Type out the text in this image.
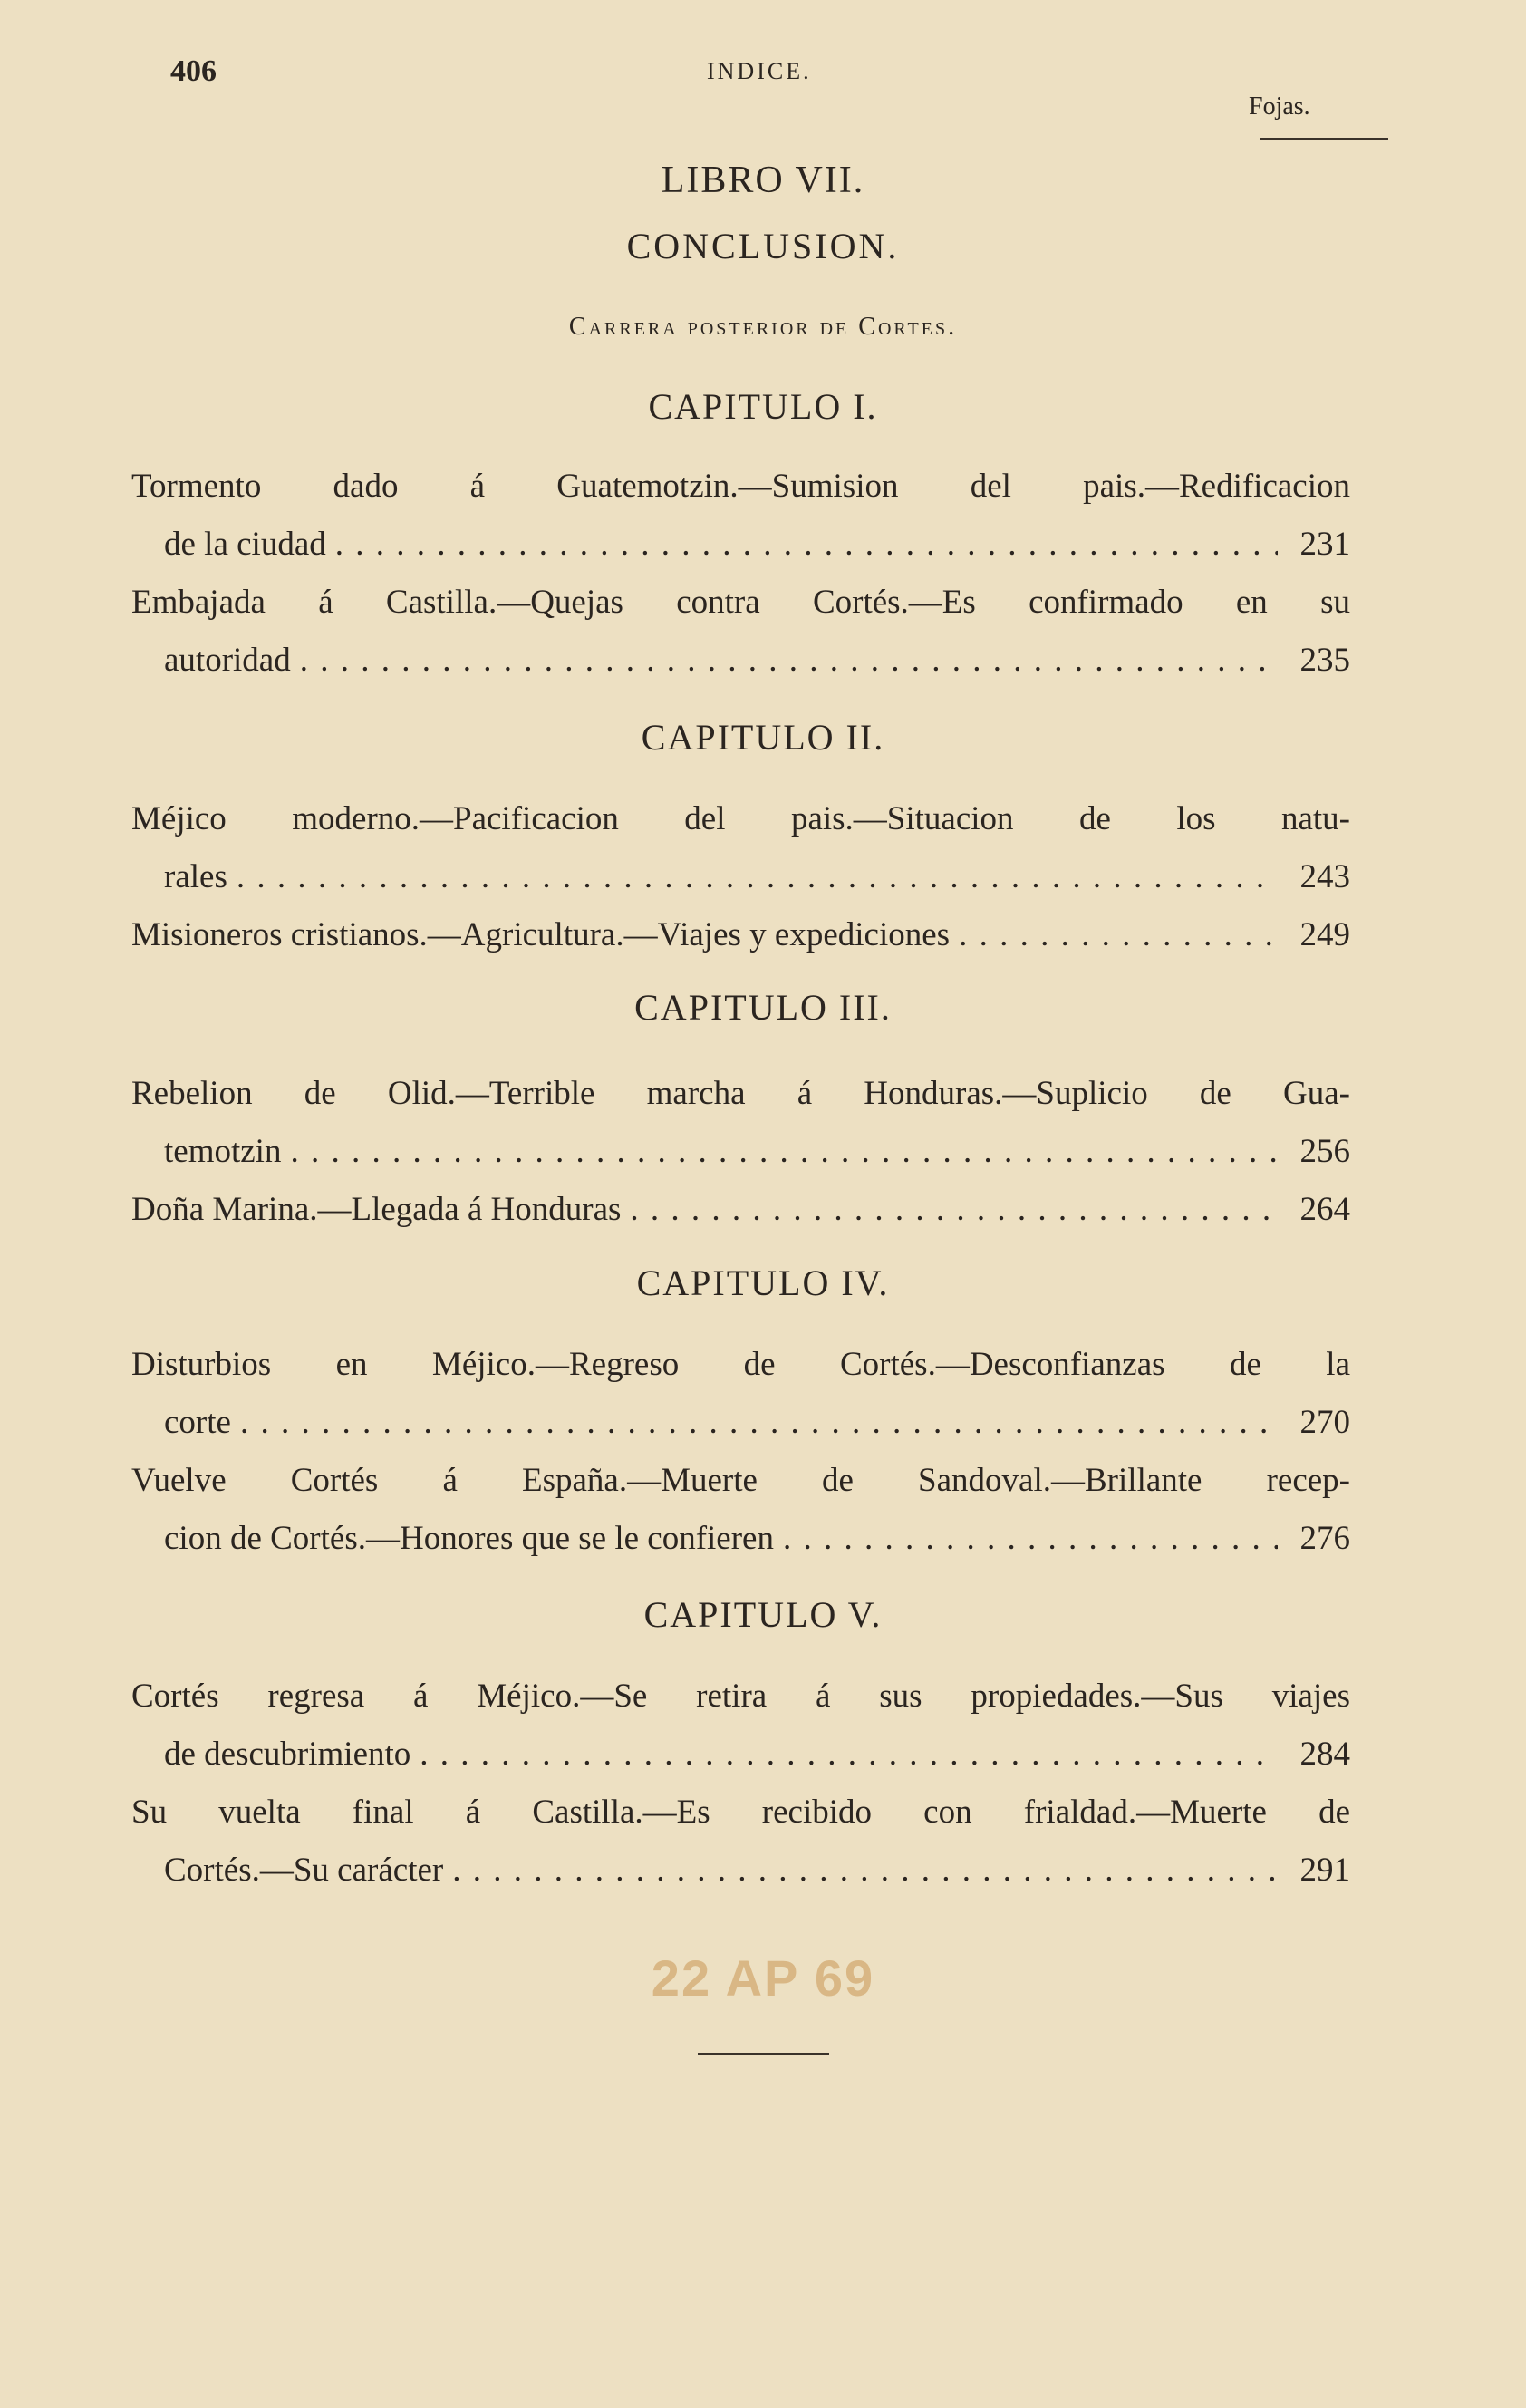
406	INDICE.
Fojas.
LIBRO VII.
CONCLUSION.
Carrera posterior de Cortes.
CAPITULO I.
Tormento dado á Guatemotzin.—Sumision del pais.—Redificacion
de la ciudad . . .	231
Embajada á Castilla.—Quejas contra Cortés.—Es confirmado en su
autoridad . . .	235
CAPITULO II.
Méjico moderno.—Pacificacion del pais.—Situacion de los natu-
rales . . .	243
Misioneros cristianos.—Agricultura.—Viajes y expediciones . . .	249
CAPITULO III.
Rebelion de Olid.—Terrible marcha á Honduras.—Suplicio de Gua-
temotzin . . .	256
Doña Marina.—Llegada á Honduras . . .	264
CAPITULO IV.
Disturbios en Méjico.—Regreso de Cortés.—Desconfianzas de la
corte . . .	270
Vuelve Cortés á España.—Muerte de Sandoval.—Brillante recep-
cion de Cortés.—Honores que se le confieren . . .	276
CAPITULO V.
Cortés regresa á Méjico.—Se retira á sus propiedades.—Sus viajes
de descubrimiento . . .	284
Su vuelta final á Castilla.—Es recibido con frialdad.—Muerte de
Cortés.—Su carácter . . .	291
22 AP 69
